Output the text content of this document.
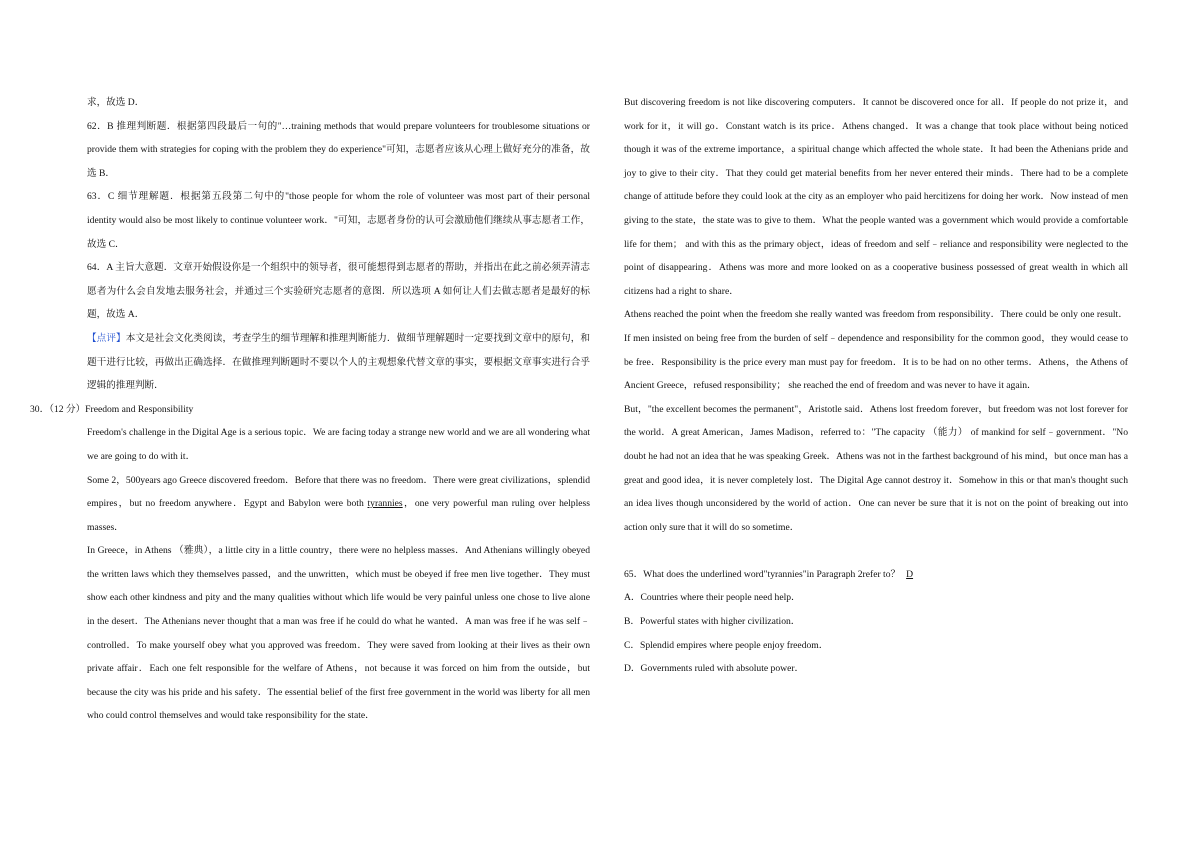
求，故选 D．

62．B 推理判断题．根据第四段最后一句的"…training methods that would prepare volunteers for troublesome situations or provide them with strategies for coping with the problem they do experience"可知，志愿者应该从心理上做好充分的准备，故选 B．

63．C 细节理解题．根据第五段第二句中的"those people for whom the role of volunteer was most part of their personal identity would also be most likely to continue volunteer work．"可知，志愿者身份的认可会激励他们继续从事志愿者工作，故选 C．

64．A 主旨大意题．文章开始假设你是一个组织中的领导者，很可能想得到志愿者的帮助，并指出在此之前必须弄清志愿者为什么会自发地去服务社会，并通过三个实验研究志愿者的意图．所以选项 A 如何让人们去做志愿者是最好的标题，故选 A．

【点评】本文是社会文化类阅读，考查学生的细节理解和推理判断能力．做细节理解题时一定要找到文章中的原句，和题干进行比较，再做出正确选择．在做推理判断题时不要以个人的主观想象代替文章的事实，要根据文章事实进行合乎逻辑的推理判断．

30．（12 分）Freedom and Responsibility

Freedom's challenge in the Digital Age is a serious topic．We are facing today a strange new world and we are all wondering what we are going to do with it．

Some 2，500years ago Greece discovered freedom．Before that there was no freedom．There were great civilizations，splendid empires，but no freedom anywhere．Egypt and Babylon were both tyrannies，one very powerful man ruling over helpless masses．

In Greece，in Athens （雅典），a little city in a little country，there were no helpless masses．And Athenians willingly obeyed the written laws which they themselves passed，and the unwritten，which must be obeyed if free men live together．They must show each other kindness and pity and the many qualities without which life would be very painful unless one chose to live alone in the desert．The Athenians never thought that a man was free if he could do what he wanted．A man was free if he was self﹣controlled．To make yourself obey what you approved was freedom．They were saved from looking at their lives as their own private affair．Each one felt responsible for the welfare of Athens，not because it was forced on him from the outside，but because the city was his pride and his safety．The essential belief of the first free government in the world was liberty for all men who could control themselves and would take responsibility for the state．

But discovering freedom is not like discovering computers．It cannot be discovered once for all．If people do not prize it，and work for it，it will go．Constant watch is its price．Athens changed．It was a change that took place without being noticed though it was of the extreme importance，a spiritual change which affected the whole state．It had been the Athenians pride and joy to give to their city．That they could get material benefits from her never entered their minds．There had to be a complete change of attitude before they could look at the city as an employer who paid hercitizens for doing her work．Now instead of men giving to the state，the state was to give to them．What the people wanted was a government which would provide a comfortable life for them； and with this as the primary object，ideas of freedom and self﹣reliance and responsibility were neglected to the point of disappearing．Athens was more and more looked on as a cooperative business possessed of great wealth in which all citizens had a right to share．

Athens reached the point when the freedom she really wanted was freedom from responsibility．There could be only one result．If men insisted on being free from the burden of self﹣dependence and responsibility for the common good，they would cease to be free．Responsibility is the price every man must pay for freedom．It is to be had on no other terms．Athens，the Athens of Ancient Greece，refused responsibility； she reached the end of freedom and was never to have it again．

But，"the excellent becomes the permanent"，Aristotle said．Athens lost freedom forever，but freedom was not lost forever for the world．A great American，James Madison，referred to："The capacity （能力） of mankind for self﹣government．"No doubt he had not an idea that he was speaking Greek．Athens was not in the farthest background of his mind，but once man has a great and good idea，it is never completely lost．The Digital Age cannot destroy it．Somehow in this or that man's thought such an idea lives though unconsidered by the world of action．One can never be sure that it is not on the point of breaking out into action only sure that it will do so sometime．

65．What does the underlined word"tyrannies"in Paragraph 2refer to？ D

A．Countries where their people need help．

B．Powerful states with higher civilization．

C．Splendid empires where people enjoy freedom．

D．Governments ruled with absolute power．
